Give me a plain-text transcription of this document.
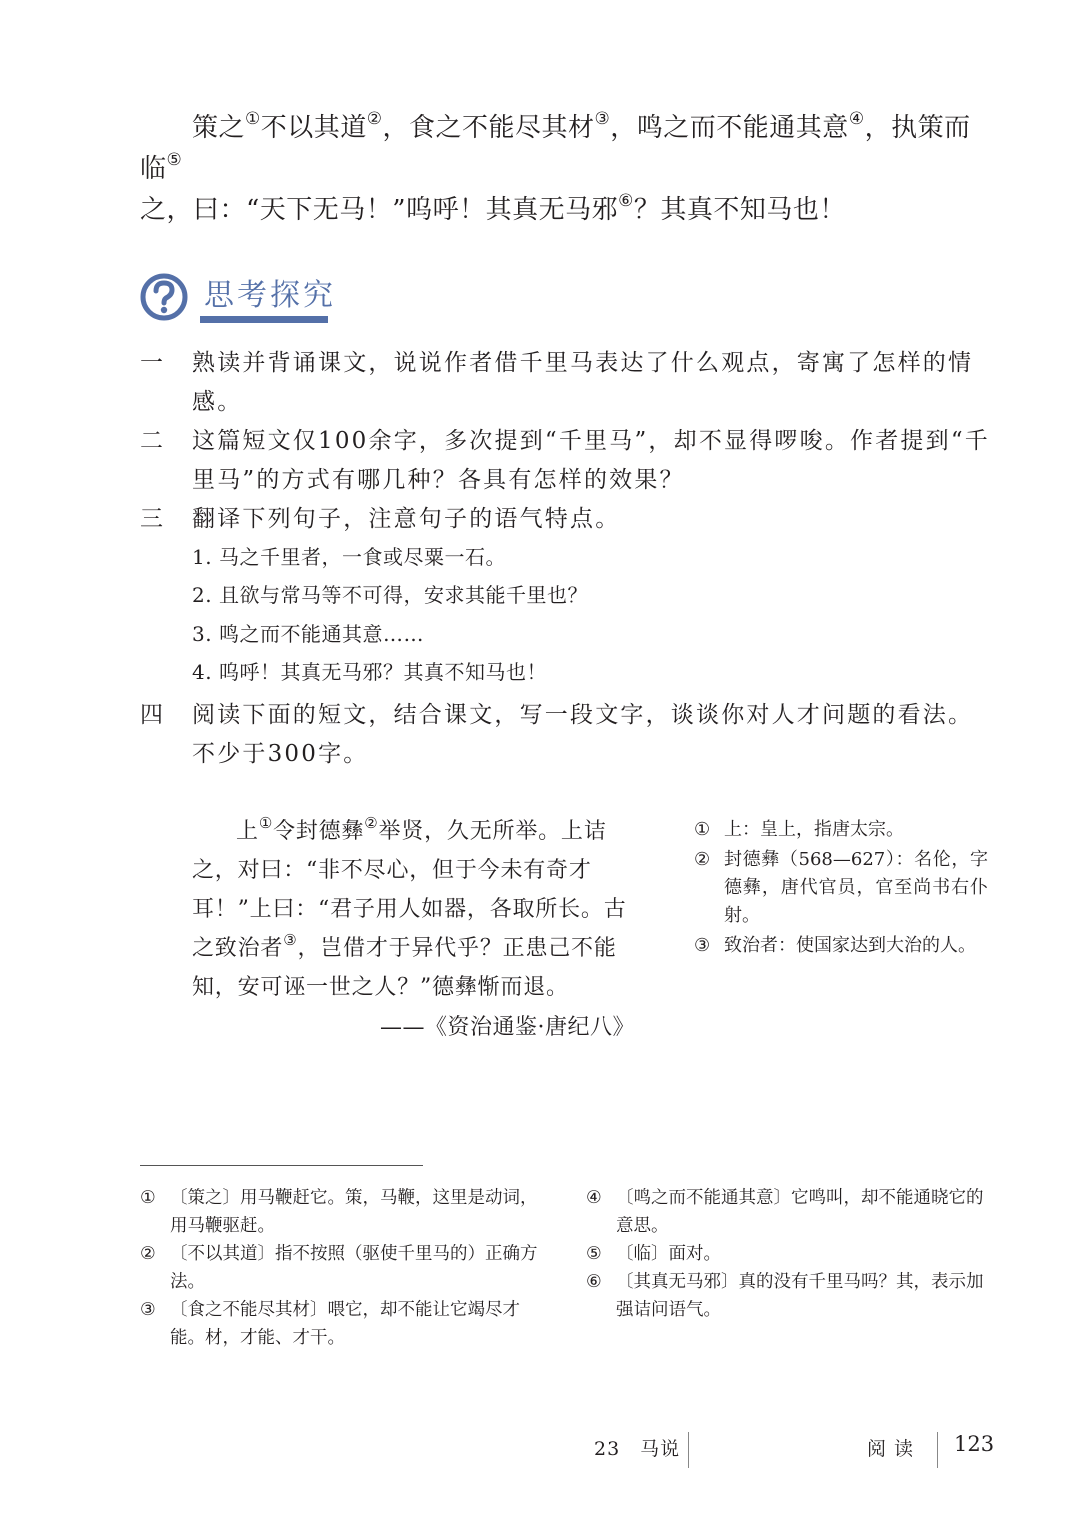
策之①不以其道②，食之不能尽其材③，鸣之而不能通其意④，执策而临⑤
之，曰：“天下无马！”呜呼！其真无马邪⑥？其真不知马也！
思考探究
一 熟读并背诵课文，说说作者借千里马表达了什么观点，寄寓了怎样的情感。
二 这篇短文仅100余字，多次提到“千里马”，却不显得啰唆。作者提到“千里马”的方式有哪几种？各具有怎样的效果？
三 翻译下列句子，注意句子的语气特点。
1. 马之千里者，一食或尽粟一石。
2. 且欲与常马等不可得，安求其能千里也？
3. 鸣之而不能通其意……
4. 呜呼！其真无马邪？其真不知马也！
四 阅读下面的短文，结合课文，写一段文字，谈谈你对人才问题的看法。不少于300字。
上①令封德彝②举贤，久无所举。上诘之，对曰：“非不尽心，但于今未有奇才耳！”上曰：“君子用人如器，各取所长。古之致治者③，岂借才于异代乎？正患己不能知，安可诬一世之人？”德彝惭而退。
——《资治通鉴·唐纪八》
① 上：皇上，指唐太宗。
② 封德彝（568—627）：名伦，字德彝，唐代官员，官至尚书右仆射。
③ 致治者：使国家达到大治的人。
① 〔策之〕用马鞭赶它。策，马鞭，这里是动词，用马鞭驱赶。
② 〔不以其道〕指不按照（驱使千里马的）正确方法。
③ 〔食之不能尽其材〕喂它，却不能让它竭尽才能。材，才能、才干。
④ 〔鸣之而不能通其意〕它鸣叫，却不能通晓它的意思。
⑤ 〔临〕面对。
⑥ 〔其真无马邪〕真的没有千里马吗？其，表示加强诘问语气。
23　马说	阅读 123
